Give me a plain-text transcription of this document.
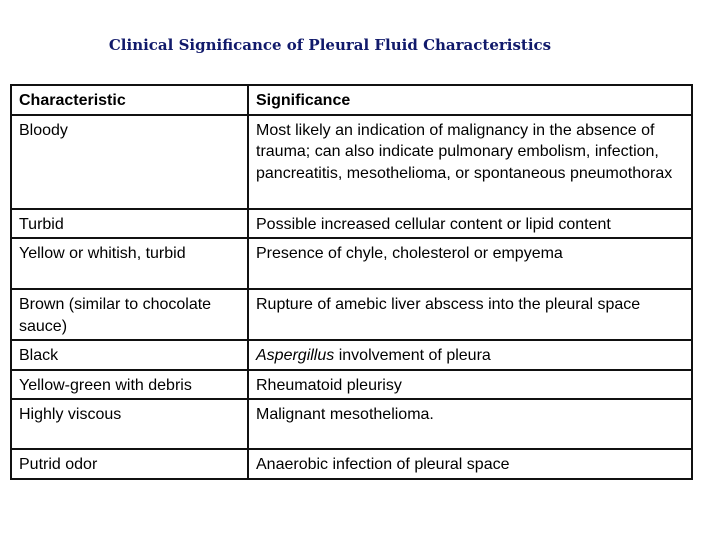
Clinical Significance of Pleural Fluid Characteristics
Characteristic	Significance
Bloody	Most likely an indication of malignancy in the absence of trauma; can also indicate pulmonary embolism, infection, pancreatitis, mesothelioma, or spontaneous pneumothorax
Turbid	Possible increased cellular content or lipid content
Yellow or whitish, turbid	Presence of chyle, cholesterol or empyema
Brown (similar to chocolate sauce)	Rupture of amebic liver abscess into the pleural space
Black	Aspergillus involvement of pleura
Yellow-green with debris	Rheumatoid pleurisy
Highly viscous	Malignant mesothelioma.
Putrid odor	Anaerobic infection of pleural space
